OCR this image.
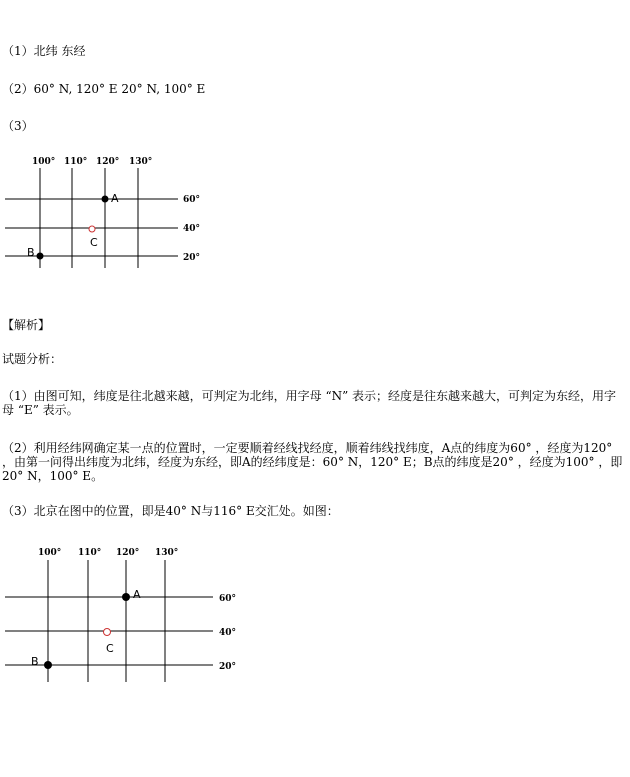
（1）北纬 东经
（2）60° N, 120° E 20° N, 100° E
（3）
100° 110° 120° 130°
60°
40°
20°
A
B
C
【解析】
试题分析：
（1）由图可知，纬度是往北越来越，可判定为北纬，用字母 “N” 表示；经度是往东越来越大，可判定为东经，用字母 “E” 表示。
（2）利用经纬网确定某一点的位置时，一定要顺着经线找经度，顺着纬线找纬度，A点的纬度为60° ，经度为120° ，由第一问得出纬度为北纬，经度为东经，即A的经纬度是：60° N，120° E；B点的纬度是20° ，经度为100° ，即 20° N，100° E。
（3）北京在图中的位置，即是40° N与116° E交汇处。如图：
100° 110° 120° 130°
60°
40°
20°
A
B
C
